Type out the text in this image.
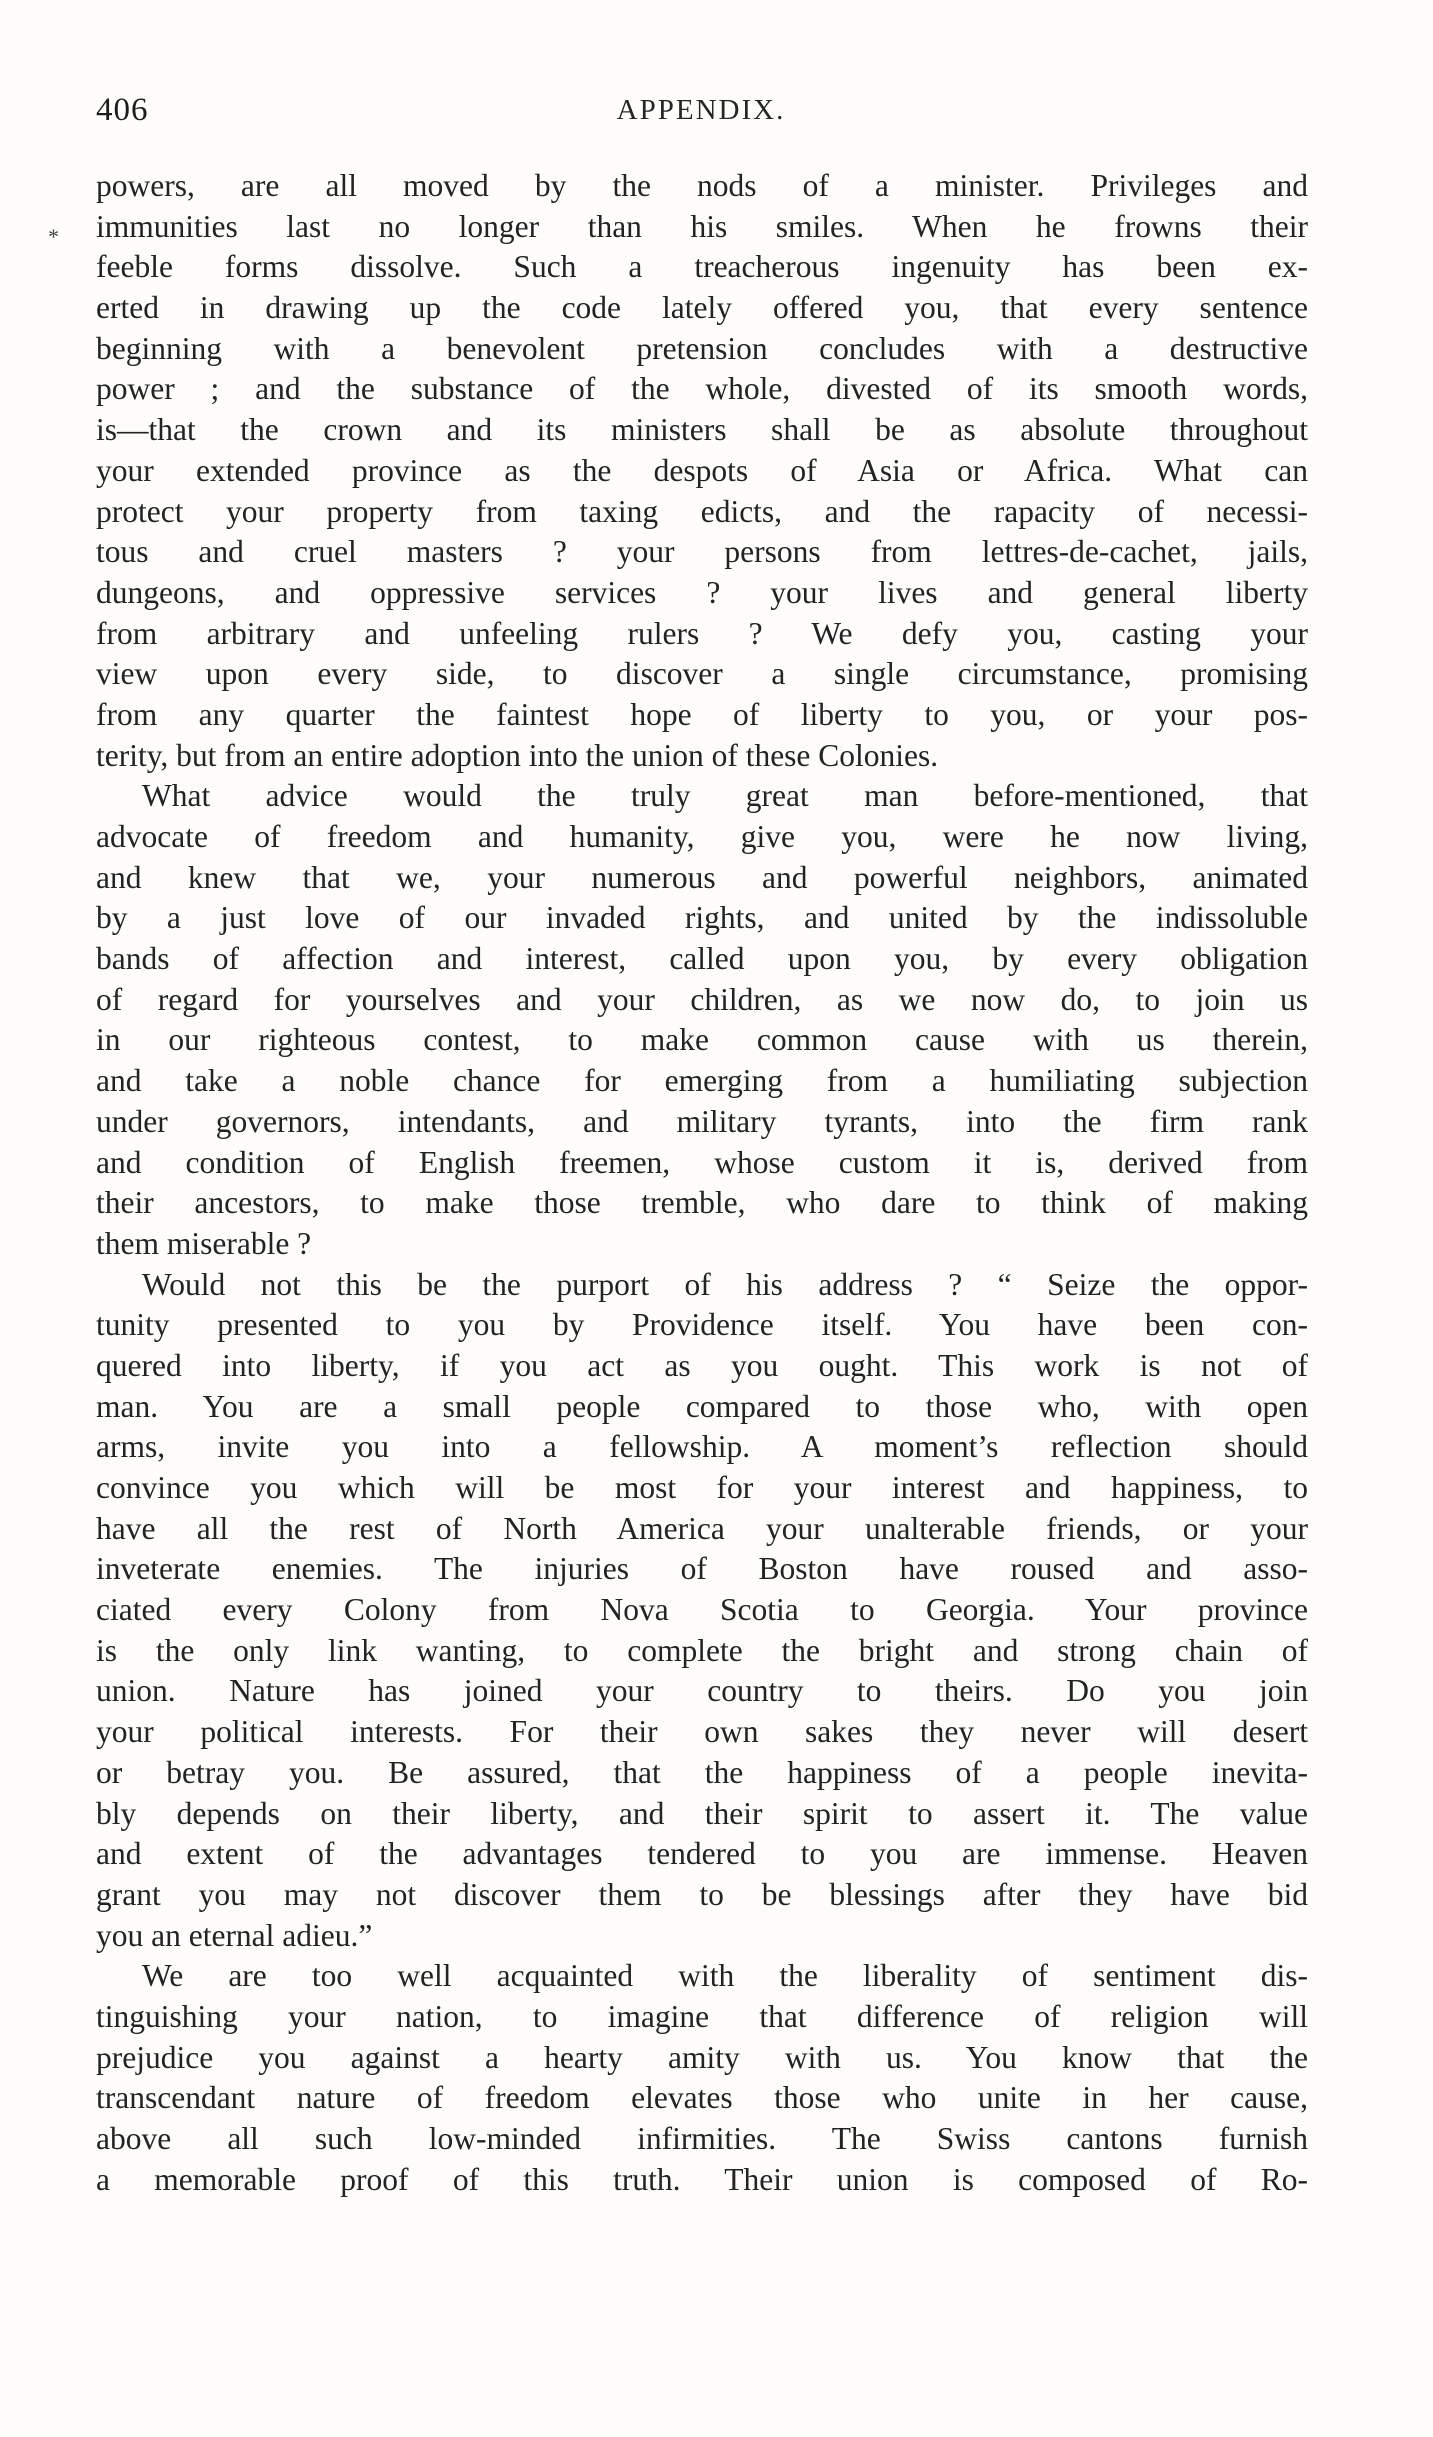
406	APPENDIX.
*
powers, are all moved by the nods of a minister. Privileges and
immunities last no longer than his smiles. When he frowns their
feeble forms dissolve. Such a treacherous ingenuity has been ex-
erted in drawing up the code lately offered you, that every sentence
beginning with a benevolent pretension concludes with a destructive
power ; and the substance of the whole, divested of its smooth words,
is—that the crown and its ministers shall be as absolute throughout
your extended province as the despots of Asia or Africa. What can
protect your property from taxing edicts, and the rapacity of necessi-
tous and cruel masters ? your persons from lettres-de-cachet, jails,
dungeons, and oppressive services ? your lives and general liberty
from arbitrary and unfeeling rulers ? We defy you, casting your
view upon every side, to discover a single circumstance, promising
from any quarter the faintest hope of liberty to you, or your pos-
terity, but from an entire adoption into the union of these Colonies.
What advice would the truly great man before-mentioned, that
advocate of freedom and humanity, give you, were he now living,
and knew that we, your numerous and powerful neighbors, animated
by a just love of our invaded rights, and united by the indissoluble
bands of affection and interest, called upon you, by every obligation
of regard for yourselves and your children, as we now do, to join us
in our righteous contest, to make common cause with us therein,
and take a noble chance for emerging from a humiliating subjection
under governors, intendants, and military tyrants, into the firm rank
and condition of English freemen, whose custom it is, derived from
their ancestors, to make those tremble, who dare to think of making
them miserable ?
Would not this be the purport of his address ? “ Seize the oppor-
tunity presented to you by Providence itself. You have been con-
quered into liberty, if you act as you ought. This work is not of
man. You are a small people compared to those who, with open
arms, invite you into a fellowship. A moment’s reflection should
convince you which will be most for your interest and happiness, to
have all the rest of North America your unalterable friends, or your
inveterate enemies. The injuries of Boston have roused and asso-
ciated every Colony from Nova Scotia to Georgia. Your province
is the only link wanting, to complete the bright and strong chain of
union. Nature has joined your country to theirs. Do you join
your political interests. For their own sakes they never will desert
or betray you. Be assured, that the happiness of a people inevita-
bly depends on their liberty, and their spirit to assert it. The value
and extent of the advantages tendered to you are immense. Heaven
grant you may not discover them to be blessings after they have bid
you an eternal adieu.”
We are too well acquainted with the liberality of sentiment dis-
tinguishing your nation, to imagine that difference of religion will
prejudice you against a hearty amity with us. You know that the
transcendant nature of freedom elevates those who unite in her cause,
above all such low-minded infirmities. The Swiss cantons furnish
a memorable proof of this truth. Their union is composed of Ro-
